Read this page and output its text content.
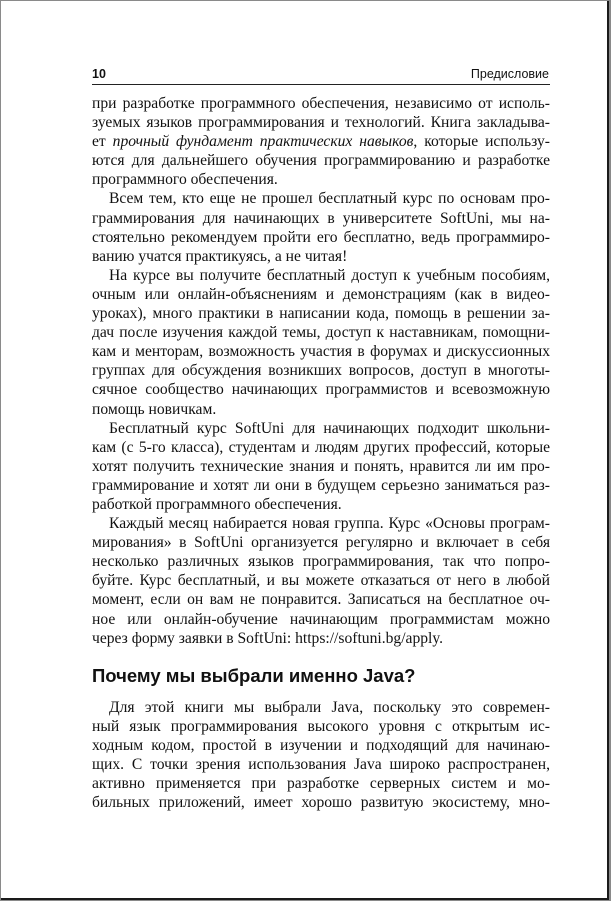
10	Предисловие
при разработке программного обеспечения, независимо от исполь-
зуемых языков программирования и технологий. Книга закладыва-
ет прочный фундамент практических навыков, которые использу-
ются для дальнейшего обучения программированию и разработке
программного обеспечения.
Всем тем, кто еще не прошел бесплатный курс по основам про-
граммирования для начинающих в университете SoftUni, мы на-
стоятельно рекомендуем пройти его бесплатно, ведь программиро-
ванию учатся практикуясь, а не читая!
На курсе вы получите бесплатный доступ к учебным пособиям,
очным или онлайн-объяснениям и демонстрациям (как в видео-
уроках), много практики в написании кода, помощь в решении за-
дач после изучения каждой темы, доступ к наставникам, помощни-
кам и менторам, возможность участия в форумах и дискуссионных
группах для обсуждения возникших вопросов, доступ в многоты-
сячное сообщество начинающих программистов и всевозможную
помощь новичкам.
Бесплатный курс SoftUni для начинающих подходит школьни-
кам (с 5-го класса), студентам и людям других профессий, которые
хотят получить технические знания и понять, нравится ли им про-
граммирование и хотят ли они в будущем серьезно заниматься раз-
работкой программного обеспечения.
Каждый месяц набирается новая группа. Курс «Основы програм-
мирования» в SoftUni организуется регулярно и включает в себя
несколько различных языков программирования, так что попро-
буйте. Курс бесплатный, и вы можете отказаться от него в любой
момент, если он вам не понравится. Записаться на бесплатное оч-
ное или онлайн-обучение начинающим программистам можно
через форму заявки в SoftUni: https://softuni.bg/apply.
Почему мы выбрали именно Java?
Для этой книги мы выбрали Java, поскольку это современ-
ный язык программирования высокого уровня с открытым ис-
ходным кодом, простой в изучении и подходящий для начинаю-
щих. С точки зрения использования Java широко распространен,
активно применяется при разработке серверных систем и мо-
бильных приложений, имеет хорошо развитую экосистему, мно-
